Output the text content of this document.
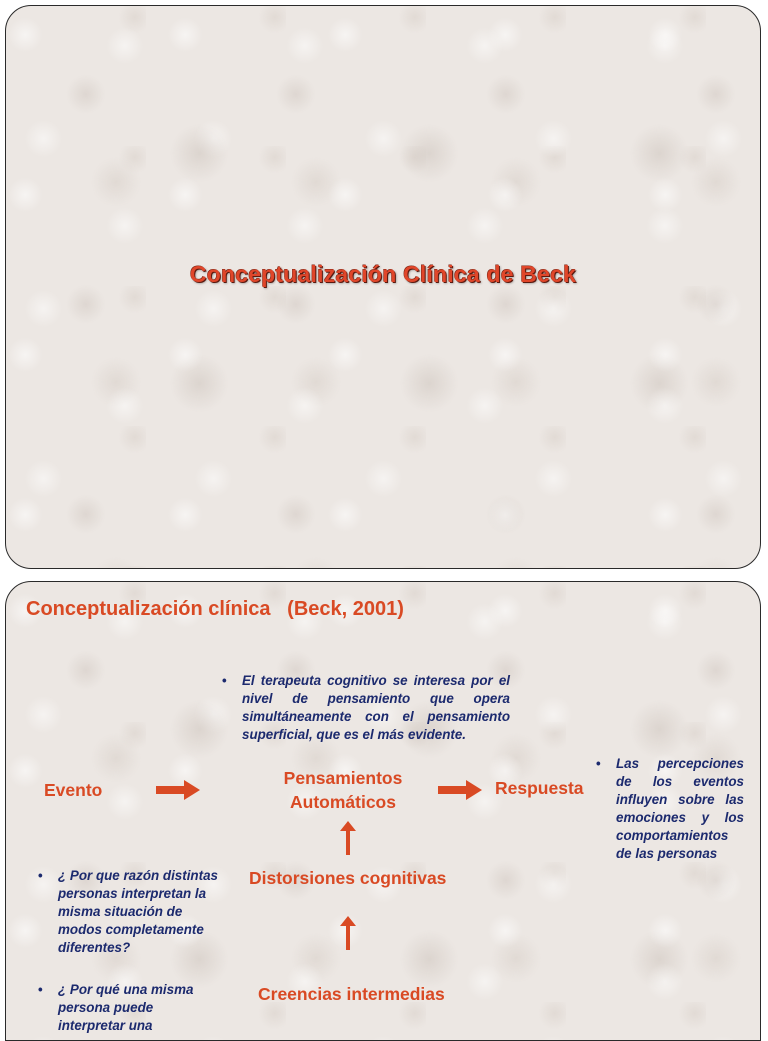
Conceptualización Clínica de Beck
Conceptualización clínica   (Beck, 2001)
• El terapeuta cognitivo se interesa por el nivel de pensamiento que opera simultáneamente con el pensamiento superficial, que es el más evidente.
• Las percepciones de los eventos influyen sobre las emociones y los comportamientos de las personas
• ¿ Por que razón distintas personas interpretan la misma situación de modos completamente diferentes?
• ¿ Por qué una misma persona puede interpretar una
Evento
Pensamientos
Automáticos
Respuesta
Distorsiones cognitivas
Creencias intermedias
